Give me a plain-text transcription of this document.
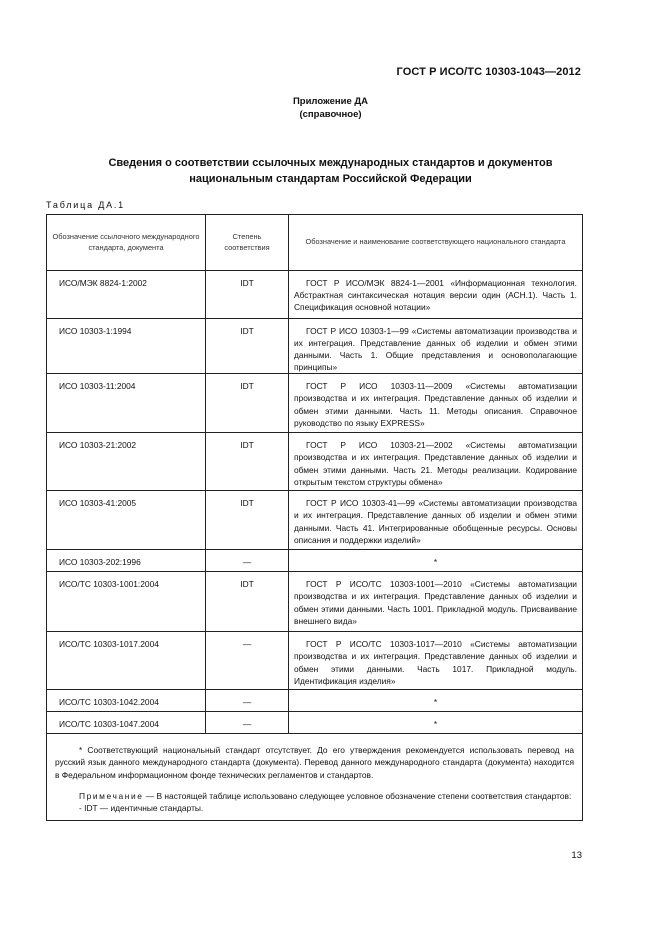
ГОСТ Р ИСО/ТС 10303-1043—2012
Приложение ДА
(справочное)
Сведения о соответствии ссылочных международных стандартов и документов
национальным стандартам Российской Федерации
Таблица ДА.1
Обозначение ссылочного международного стандарта, документа	Степень соответствия	Обозначение и наименование соответствующего национального стандарта
ИСО/МЭК 8824-1:2002	IDT	ГОСТ Р ИСО/МЭК 8824-1—2001 «Информационная технология. Абстрактная синтаксическая нотация версии один (АСН.1). Часть 1. Спецификация основной нотации»
ИСО 10303-1:1994	IDT	ГОСТ Р ИСО 10303-1—99 «Системы автоматизации производства и их интеграция. Представление данных об изделии и обмен этими данными. Часть 1. Общие представления и основополагающие принципы»
ИСО 10303-11:2004	IDT	ГОСТ Р ИСО 10303-11—2009 «Системы автоматизации производства и их интеграция. Представление данных об изделии и обмен этими данными. Часть 11. Методы описания. Справочное руководство по языку EXPRESS»
ИСО 10303-21:2002	IDT	ГОСТ Р ИСО 10303-21—2002 «Системы автоматизации производства и их интеграция. Представление данных об изделии и обмен этими данными. Часть 21. Методы реализации. Кодирование открытым текстом структуры обмена»
ИСО 10303-41:2005	IDT	ГОСТ Р ИСО 10303-41—99 «Системы автоматизации производства и их интеграция. Представление данных об изделии и обмен этими данными. Часть 41. Интегрированные обобщенные ресурсы. Основы описания и поддержки изделий»
ИСО 10303-202:1996	—	*
ИСО/ТС 10303-1001:2004	IDT	ГОСТ Р ИСО/ТС 10303-1001—2010 «Системы автоматизации производства и их интеграция. Представление данных об изделии и обмен этими данными. Часть 1001. Прикладной модуль. Присваивание внешнего вида»
ИСО/ТС 10303-1017.2004	—	ГОСТ Р ИСО/ТС 10303-1017—2010 «Системы автоматизации производства и их интеграция. Представление данных об изделии и обмен этими данными. Часть 1017. Прикладной модуль. Идентификация изделия»
ИСО/ТС 10303-1042.2004	—	*
ИСО/ТС 10303-1047.2004	—	*

* Соответствующий национальный стандарт отсутствует. До его утверждения рекомендуется использовать перевод на русский язык данного международного стандарта (документа). Перевод данного международного стандарта (документа) находится в Федеральном информационном фонде технических регламентов и стандартов.
Примечание — В настоящей таблице использовано следующее условное обозначение степени соответствия стандартов:
- IDT — идентичные стандарты.		
13
